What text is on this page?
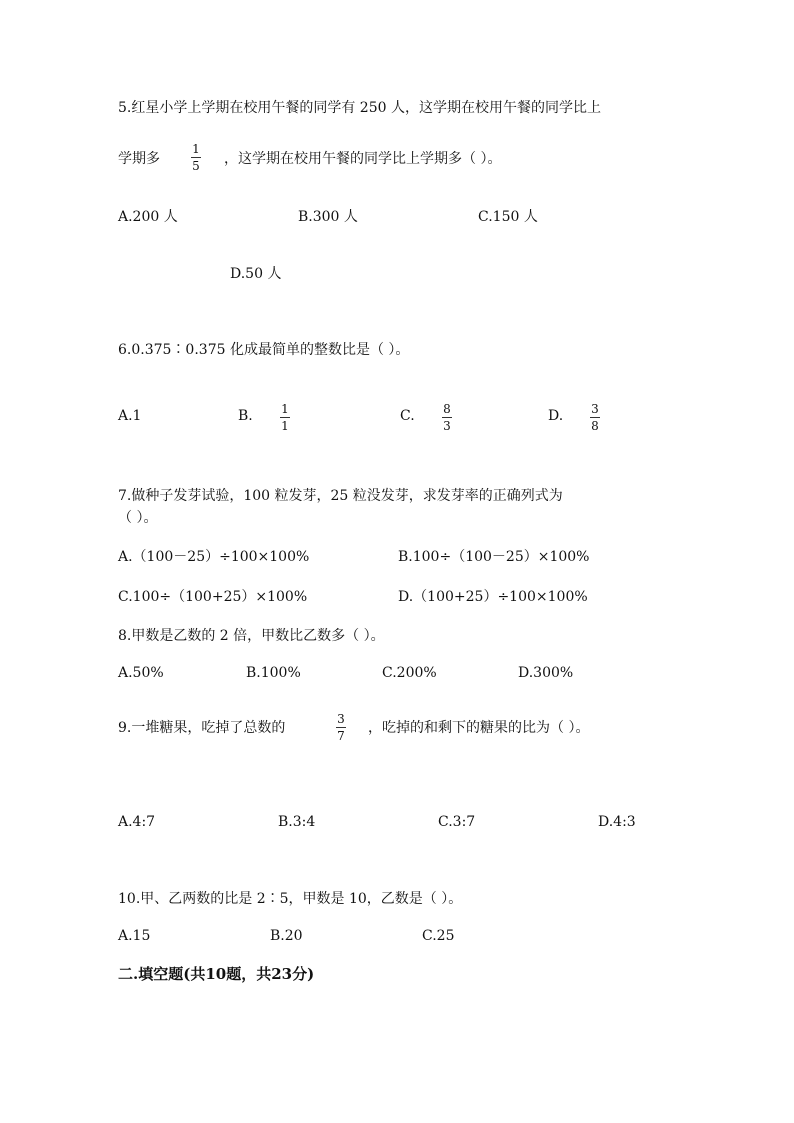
5.红星小学上学期在校用午餐的同学有 250 人，这学期在校用午餐的同学比上
学期多
1
5 ，这学期在校用午餐的同学比上学期多（ ）。
A.200 人	B.300 人	C.150 人
D.50 人
6.0.375∶0.375 化成最简单的整数比是（ ）。
A.1	B. 1
1
C. 8
3
D. 3
8
7.做种子发芽试验，100 粒发芽，25 粒没发芽，求发芽率的正确列式为
（ ）。
A.（100－25）÷100×100%	B.100÷（100－25）×100%
C.100÷（100+25）×100%	D.（100+25）÷100×100%
8.甲数是乙数的 2 倍，甲数比乙数多（ ）。
A.50%	B.100%	C.200%	D.300%
9.一堆糖果，吃掉了总数的
3
7 ，吃掉的和剩下的糖果的比为（ ）。
A.4:7	B.3:4	C.3:7	D.4:3
10.甲、乙两数的比是 2∶5，甲数是 10，乙数是（ ）。
A.15	B.20	C.25
二.填空题(共10题，共23分)
